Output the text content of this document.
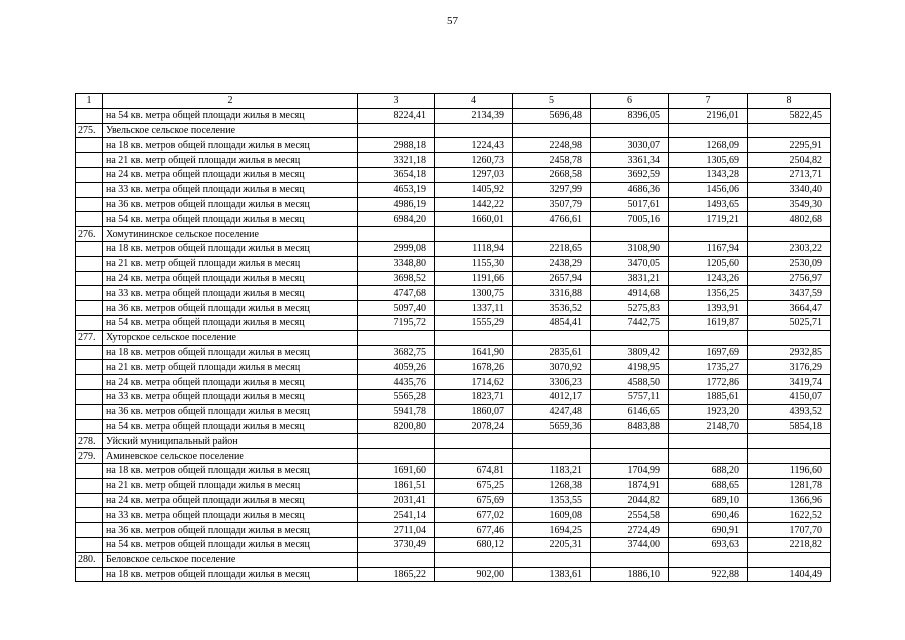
57
1	2	3	4	5	6	7	8
	на 54 кв. метра общей площади жилья в месяц	8224,41	2134,39	5696,48	8396,05	2196,01	5822,45
275.	Увельское сельское поселение						
	на 18 кв. метров общей площади жилья в месяц	2988,18	1224,43	2248,98	3030,07	1268,09	2295,91
	на 21 кв. метр общей площади жилья в месяц	3321,18	1260,73	2458,78	3361,34	1305,69	2504,82
	на 24 кв. метра общей площади жилья в месяц	3654,18	1297,03	2668,58	3692,59	1343,28	2713,71
	на 33 кв. метра общей площади жилья в месяц	4653,19	1405,92	3297,99	4686,36	1456,06	3340,40
	на 36 кв. метров общей площади жилья в месяц	4986,19	1442,22	3507,79	5017,61	1493,65	3549,30
	на 54 кв. метра общей площади жилья в месяц	6984,20	1660,01	4766,61	7005,16	1719,21	4802,68
276.	Хомутининское сельское поселение						
	на 18 кв. метров общей площади жилья в месяц	2999,08	1118,94	2218,65	3108,90	1167,94	2303,22
	на 21 кв. метр общей площади жилья в месяц	3348,80	1155,30	2438,29	3470,05	1205,60	2530,09
	на 24 кв. метра общей площади жилья в месяц	3698,52	1191,66	2657,94	3831,21	1243,26	2756,97
	на 33 кв. метра общей площади жилья в месяц	4747,68	1300,75	3316,88	4914,68	1356,25	3437,59
	на 36 кв. метров общей площади жилья в месяц	5097,40	1337,11	3536,52	5275,83	1393,91	3664,47
	на 54 кв. метра общей площади жилья в месяц	7195,72	1555,29	4854,41	7442,75	1619,87	5025,71
277.	Хуторское сельское поселение						
	на 18 кв. метров общей площади жилья в месяц	3682,75	1641,90	2835,61	3809,42	1697,69	2932,85
	на 21 кв. метр общей площади жилья в месяц	4059,26	1678,26	3070,92	4198,95	1735,27	3176,29
	на 24 кв. метра общей площади жилья в месяц	4435,76	1714,62	3306,23	4588,50	1772,86	3419,74
	на 33 кв. метра общей площади жилья в месяц	5565,28	1823,71	4012,17	5757,11	1885,61	4150,07
	на 36 кв. метров общей площади жилья в месяц	5941,78	1860,07	4247,48	6146,65	1923,20	4393,52
	на 54 кв. метра общей площади жилья в месяц	8200,80	2078,24	5659,36	8483,88	2148,70	5854,18
278.	Уйский муниципальный район						
279.	Аминевское сельское поселение						
	на 18 кв. метров общей площади жилья в месяц	1691,60	674,81	1183,21	1704,99	688,20	1196,60
	на 21 кв. метр общей площади жилья в месяц	1861,51	675,25	1268,38	1874,91	688,65	1281,78
	на 24 кв. метра общей площади жилья в месяц	2031,41	675,69	1353,55	2044,82	689,10	1366,96
	на 33 кв. метра общей площади жилья в месяц	2541,14	677,02	1609,08	2554,58	690,46	1622,52
	на 36 кв. метров общей площади жилья в месяц	2711,04	677,46	1694,25	2724,49	690,91	1707,70
	на 54 кв. метров общей площади жилья в месяц	3730,49	680,12	2205,31	3744,00	693,63	2218,82
280.	Беловское сельское поселение						
	на 18 кв. метров общей площади жилья в месяц	1865,22	902,00	1383,61	1886,10	922,88	1404,49
